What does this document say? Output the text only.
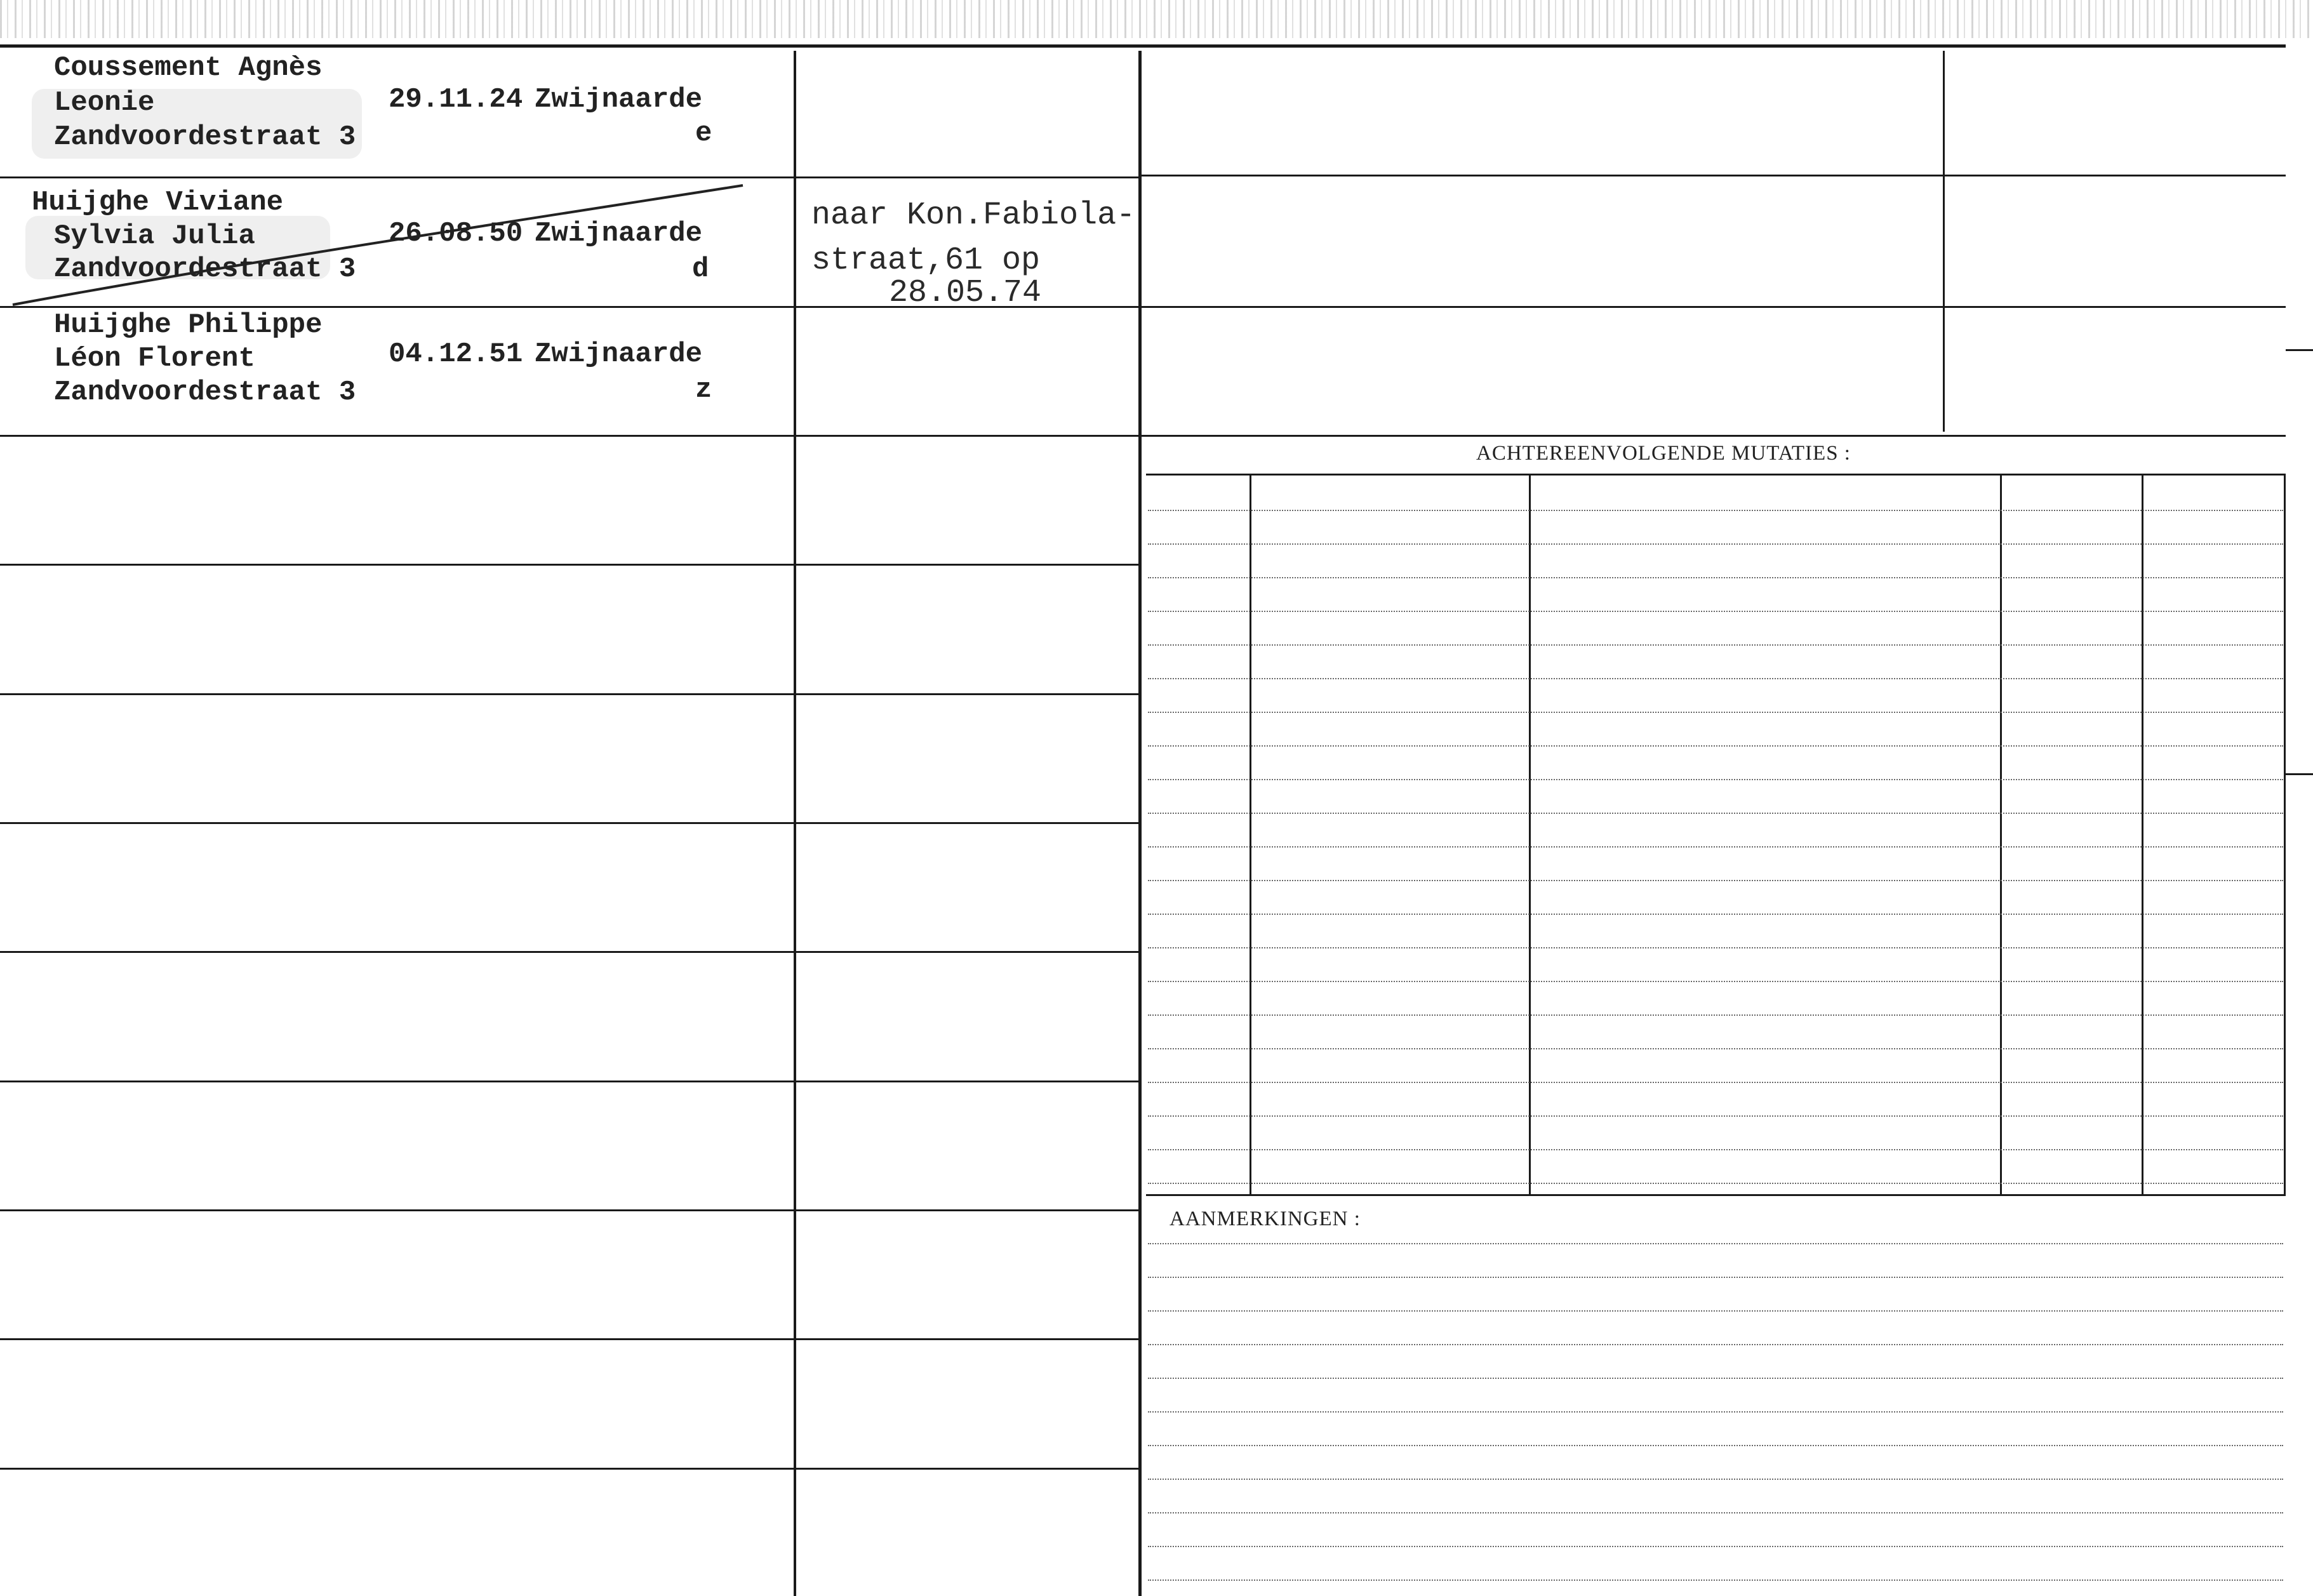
Coussement Agnès
Leonie
Zandvoordestraat 3
29.11.24 Zwijnaarde
e
Huijghe Viviane
Sylvia Julia
Zandvoordestraat 3
26.08.50 Zwijnaarde
d
naar Kon.Fabiola-
straat,61 op
28.05.74
Huijghe Philippe
Léon Florent
Zandvoordestraat 3
04.12.51 Zwijnaarde
z
ACHTEREENVOLGENDE MUTATIES :
AANMERKINGEN :
